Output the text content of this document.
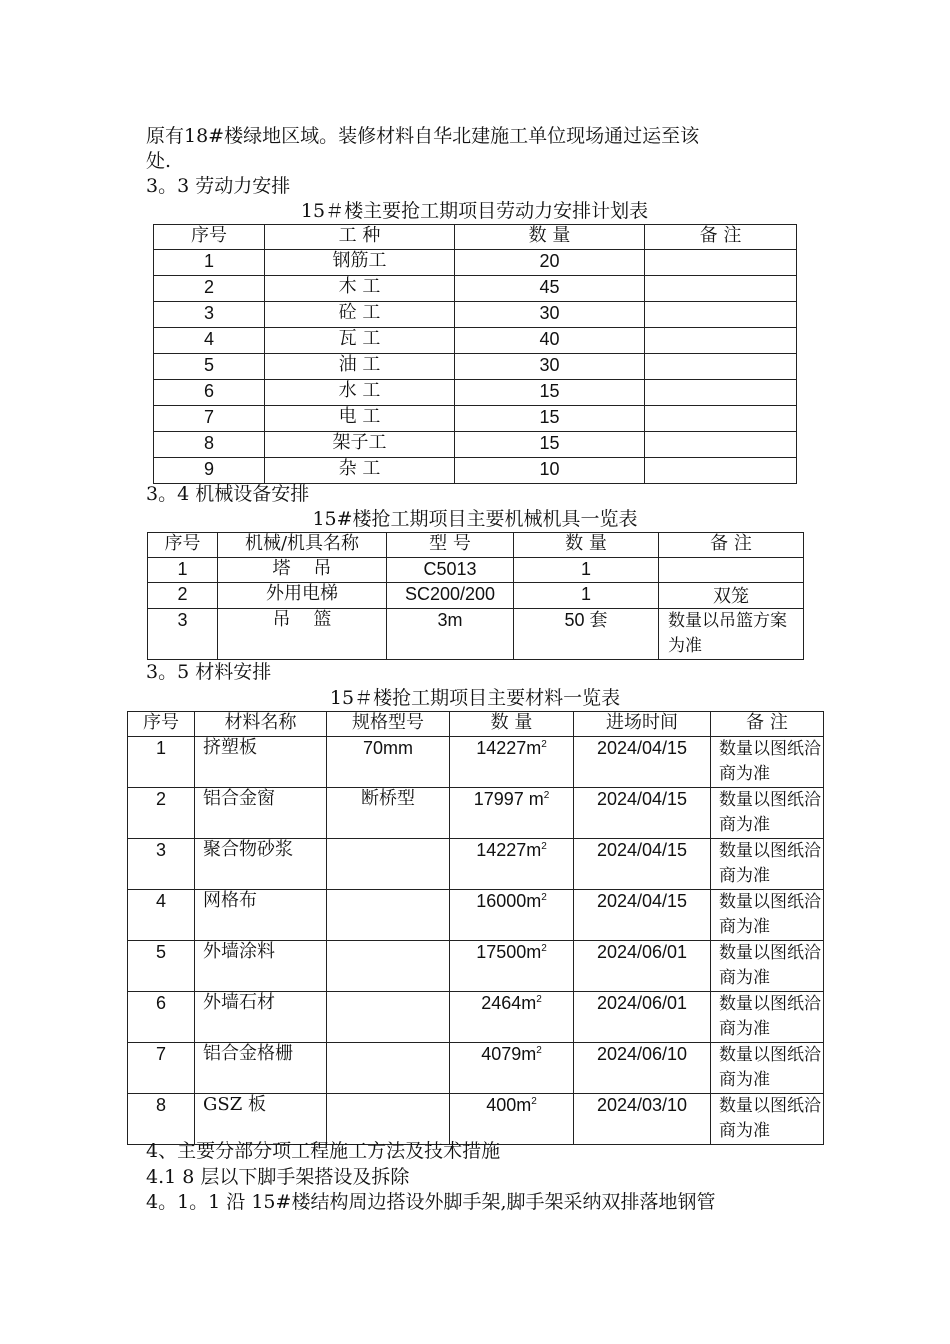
原有18#楼绿地区域。装修材料自华北建施工单位现场通过运至该
处.
3。3 劳动力安排
15＃楼主要抢工期项目劳动力安排计划表
序号	工 种	数 量	备 注
1	钢筋工	20	
2	木 工	45	
3	砼 工	30	
4	瓦 工	40	
5	油 工	30	
6	水 工	15	
7	电 工	15	
8	架子工	15	
9	杂 工	10	
3。4 机械设备安排
15#楼抢工期项目主要机械机具一览表
序号	机械/机具名称	型 号	数 量	备 注
1	塔    吊	C5013	1	
2	外用电梯	SC200/200	1	双笼
3	吊    篮	3m	50 套	数量以吊篮方案为准
3。5 材料安排
15＃楼抢工期项目主要材料一览表
序号	材料名称	规格型号	数 量	进场时间	备 注
1	挤塑板	70mm	$14227m^2$	2024/04/15	数量以图纸洽商为准
2	铝合金窗	断桥型	17997 $m^2$	2024/04/15	数量以图纸洽商为准
3	聚合物砂浆		$14227m^2$	2024/04/15	数量以图纸洽商为准
4	网格布		$16000m^2$	2024/04/15	数量以图纸洽商为准
5	外墙涂料		$17500m^2$	2024/06/01	数量以图纸洽商为准
6	外墙石材		$2464m^2$	2024/06/01	数量以图纸洽商为准
7	铝合金格栅		$4079m^2$	2024/06/10	数量以图纸洽商为准
8	GSZ 板		$400m^2$	2024/03/10	数量以图纸洽商为准
4、主要分部分项工程施工方法及技术措施
4.1 8 层以下脚手架搭设及拆除
4。1。1 沿 15#楼结构周边搭设外脚手架,脚手架采纳双排落地钢管
